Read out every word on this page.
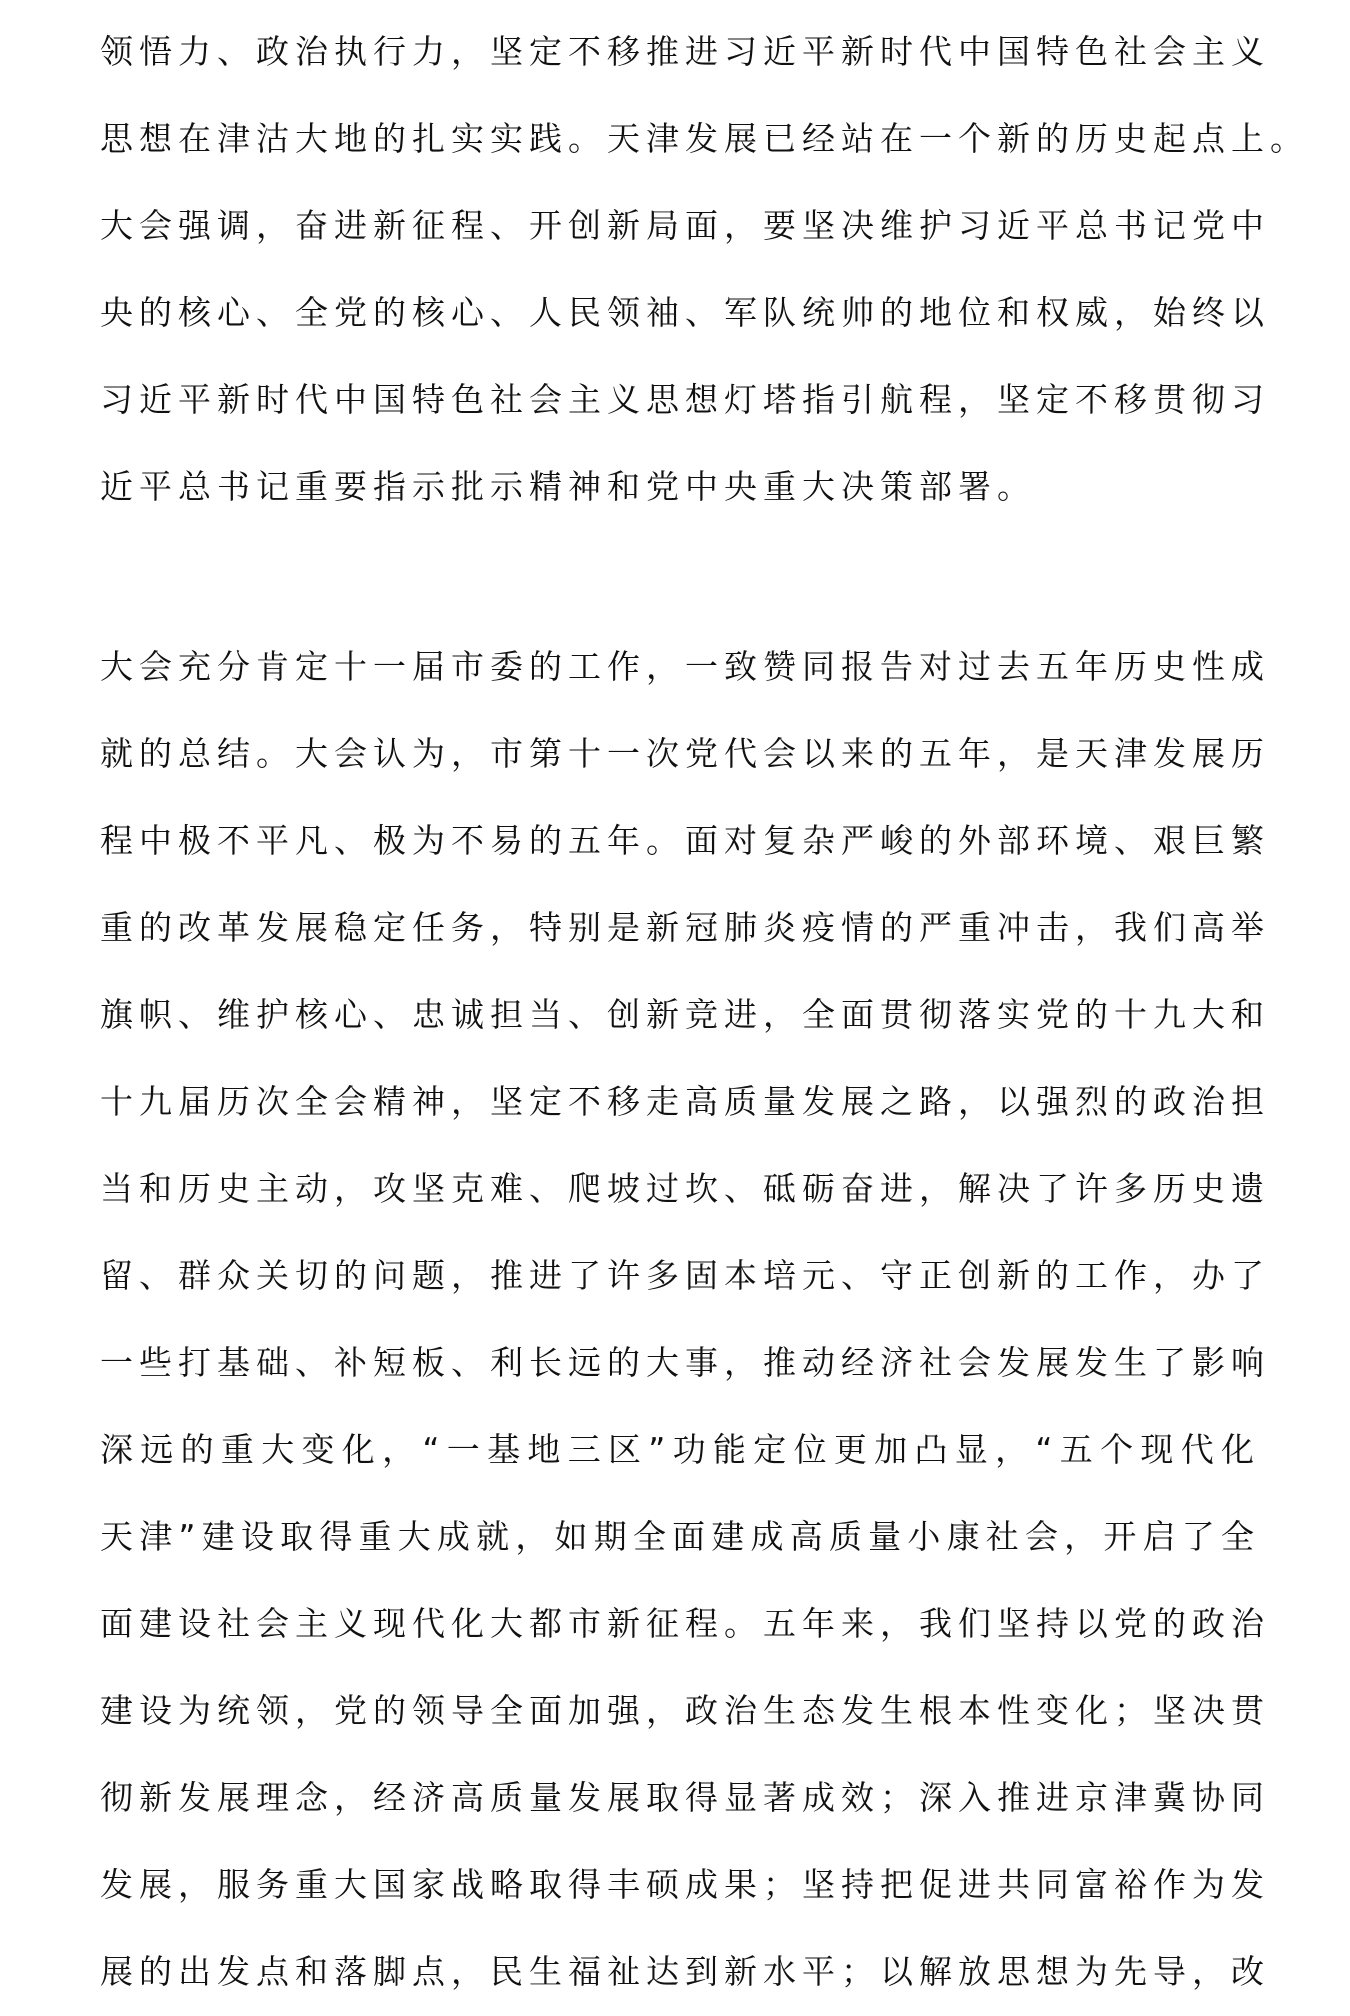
领悟力、政治执行力，坚定不移推进习近平新时代中国特色社会主义
思想在津沽大地的扎实实践。天津发展已经站在一个新的历史起点上。
大会强调，奋进新征程、开创新局面，要坚决维护习近平总书记党中
央的核心、全党的核心、人民领袖、军队统帅的地位和权威，始终以
习近平新时代中国特色社会主义思想灯塔指引航程，坚定不移贯彻习
近平总书记重要指示批示精神和党中央重大决策部署。
大会充分肯定十一届市委的工作，一致赞同报告对过去五年历史性成
就的总结。大会认为，市第十一次党代会以来的五年，是天津发展历
程中极不平凡、极为不易的五年。面对复杂严峻的外部环境、艰巨繁
重的改革发展稳定任务，特别是新冠肺炎疫情的严重冲击，我们高举
旗帜、维护核心、忠诚担当、创新竞进，全面贯彻落实党的十九大和
十九届历次全会精神，坚定不移走高质量发展之路，以强烈的政治担
当和历史主动，攻坚克难、爬坡过坎、砥砺奋进，解决了许多历史遗
留、群众关切的问题，推进了许多固本培元、守正创新的工作，办了
一些打基础、补短板、利长远的大事，推动经济社会发展发生了影响
深远的重大变化，“一基地三区”功能定位更加凸显，“五个现代化
天津”建设取得重大成就，如期全面建成高质量小康社会，开启了全
面建设社会主义现代化大都市新征程。五年来，我们坚持以党的政治
建设为统领，党的领导全面加强，政治生态发生根本性变化；坚决贯
彻新发展理念，经济高质量发展取得显著成效；深入推进京津冀协同
发展，服务重大国家战略取得丰硕成果；坚持把促进共同富裕作为发
展的出发点和落脚点，民生福祉达到新水平；以解放思想为先导，改
